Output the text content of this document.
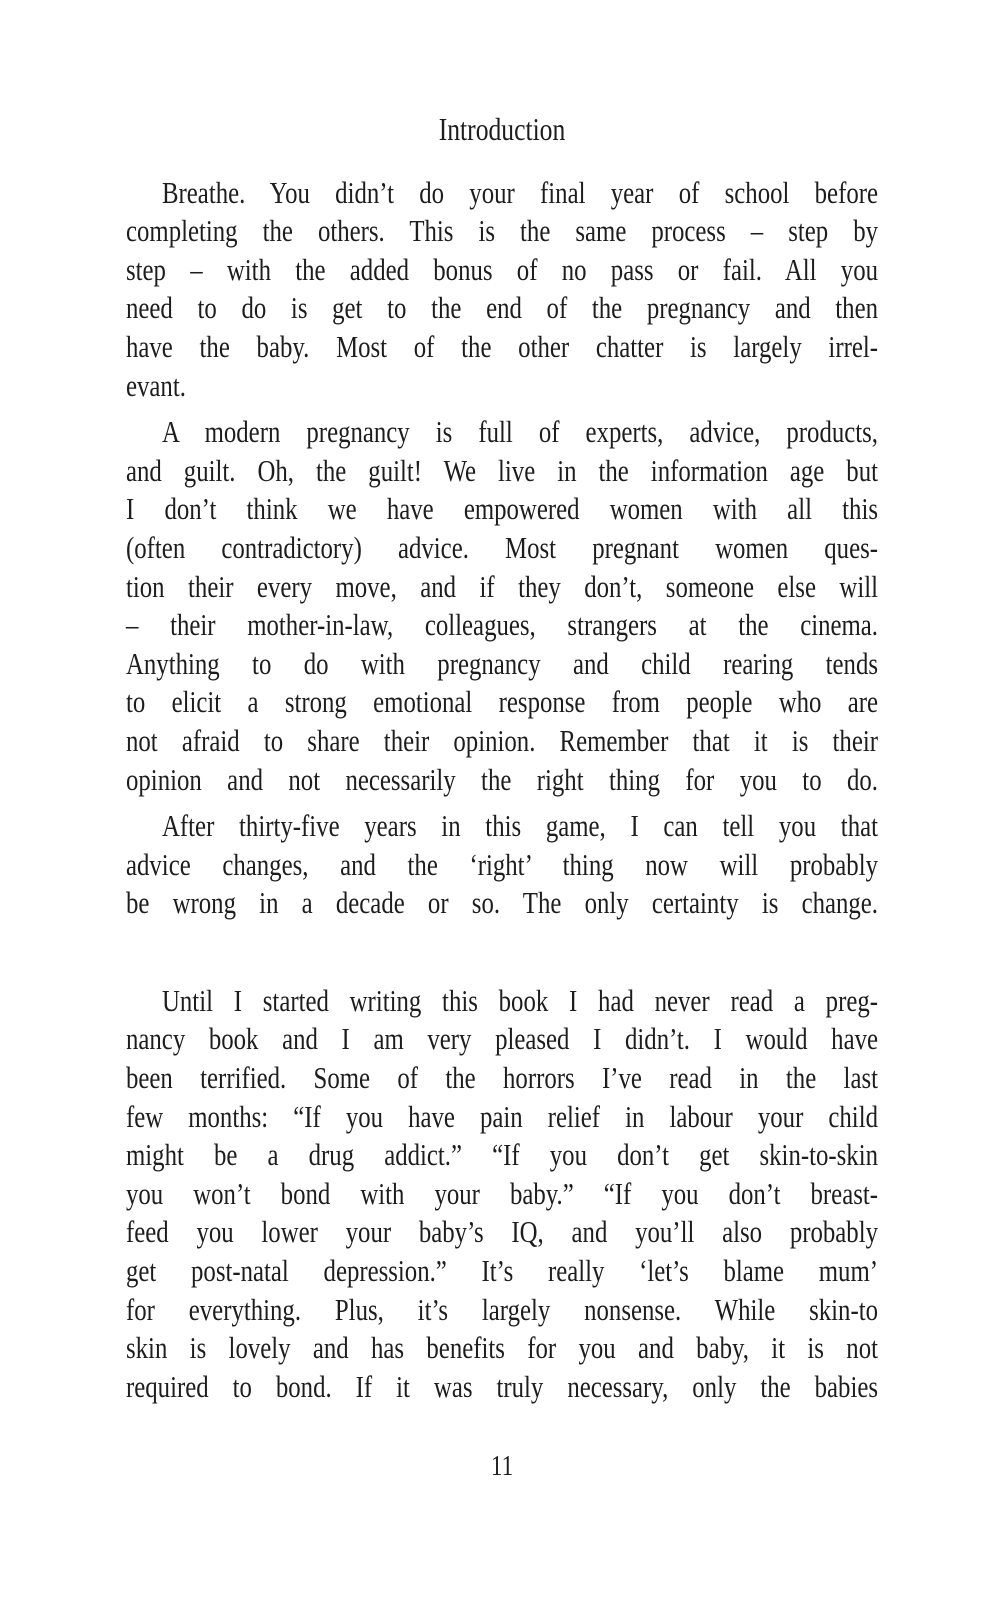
Introduction
Breathe. You didn’t do your final year of school before
completing the others. This is the same process – step by
step – with the added bonus of no pass or fail. All you
need to do is get to the end of the pregnancy and then
have the baby. Most of the other chatter is largely irrel-
evant.
A modern pregnancy is full of experts, advice, products,
and guilt. Oh, the guilt! We live in the information age but
I don’t think we have empowered women with all this
(often contradictory) advice. Most pregnant women ques-
tion their every move, and if they don’t, someone else will
– their mother-in-law, colleagues, strangers at the cinema.
Anything to do with pregnancy and child rearing tends
to elicit a strong emotional response from people who are
not afraid to share their opinion. Remember that it is their
opinion and not necessarily the right thing for you to do.
After thirty-five years in this game, I can tell you that
advice changes, and the ‘right’ thing now will probably
be wrong in a decade or so. The only certainty is change.
Until I started writing this book I had never read a preg-
nancy book and I am very pleased I didn’t. I would have
been terrified. Some of the horrors I’ve read in the last
few months: “If you have pain relief in labour your child
might be a drug addict.” “If you don’t get skin-to-skin
you won’t bond with your baby.” “If you don’t breast-
feed you lower your baby’s IQ, and you’ll also probably
get post-natal depression.” It’s really ‘let’s blame mum’
for everything. Plus, it’s largely nonsense. While skin-to
skin is lovely and has benefits for you and baby, it is not
required to bond. If it was truly necessary, only the babies
11
